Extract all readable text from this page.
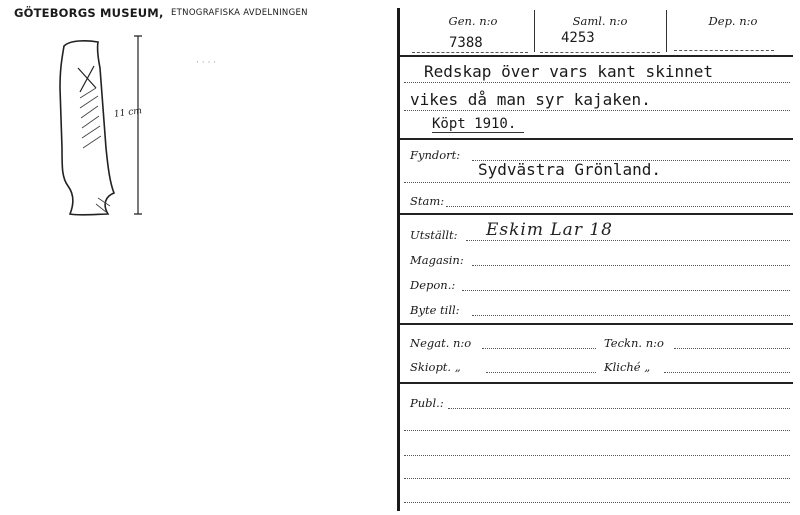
GÖTEBORGS MUSEUM, ETNOGRAFISKA AVDELNINGEN
11 cm
· · · ·
Gen. n:o	Saml. n:o	Dep. n:o
7388	4253
Redskap över vars kant skinnet
vikes då man syr kajaken.
Köpt 1910.
Fyndort:
Sydvästra Grönland.
Stam:
Utställt: Eskim Lar 18
Magasin:
Depon.:
Byte till:
Negat. n:o	Teckn. n:o
Skiopt. „	Kliché „
Publ.:
